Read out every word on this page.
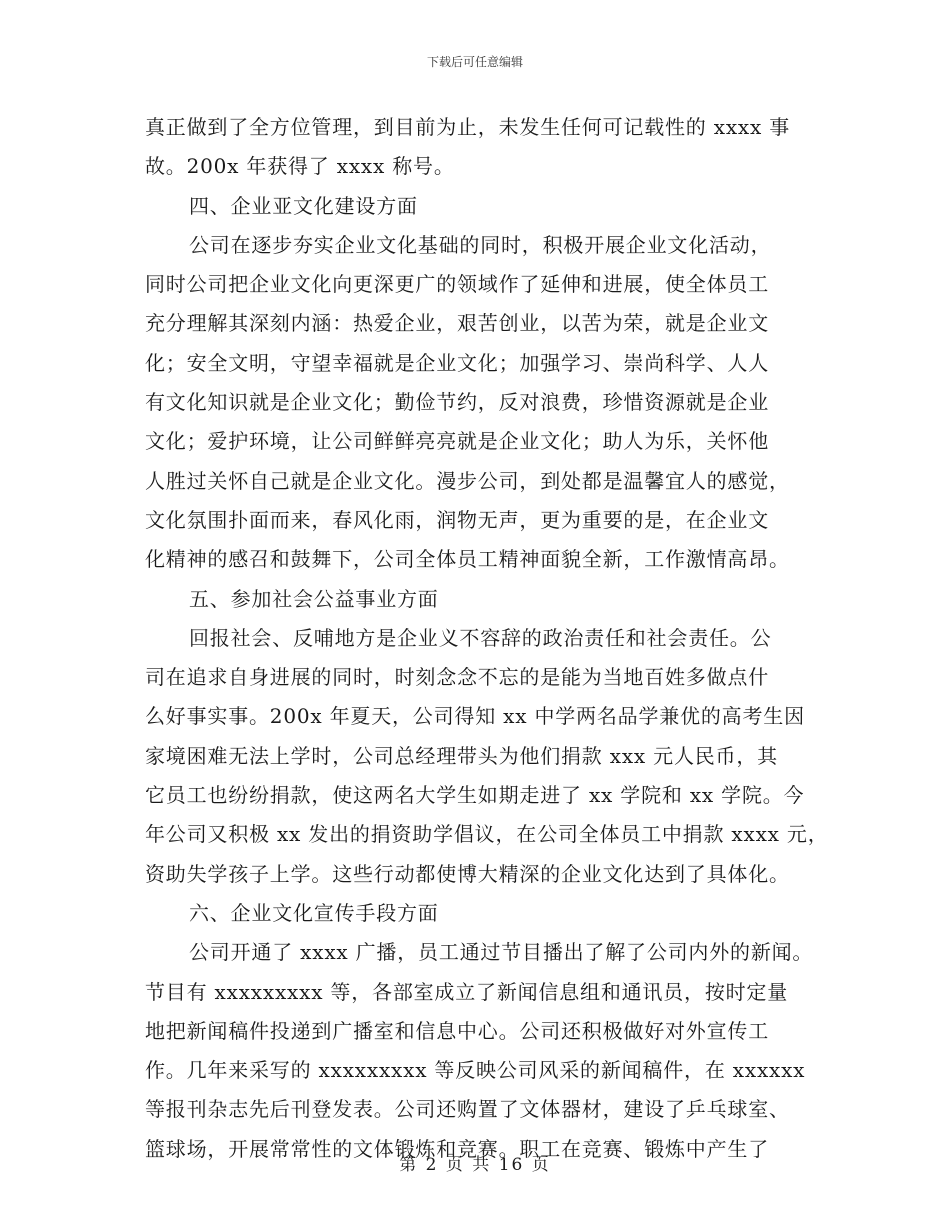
下载后可任意编辑
真正做到了全方位管理，到目前为止，未发生任何可记载性的 xxxx 事
故。200x 年获得了 xxxx 称号。
四、企业亚文化建设方面
公司在逐步夯实企业文化基础的同时，积极开展企业文化活动，
同时公司把企业文化向更深更广的领域作了延伸和进展，使全体员工
充分理解其深刻内涵：热爱企业，艰苦创业，以苦为荣，就是企业文
化；安全文明，守望幸福就是企业文化；加强学习、崇尚科学、人人
有文化知识就是企业文化；勤俭节约，反对浪费，珍惜资源就是企业
文化；爱护环境，让公司鲜鲜亮亮就是企业文化；助人为乐，关怀他
人胜过关怀自己就是企业文化。漫步公司，到处都是温馨宜人的感觉，
文化氛围扑面而来，春风化雨，润物无声，更为重要的是，在企业文
化精神的感召和鼓舞下，公司全体员工精神面貌全新，工作激情高昂。
五、参加社会公益事业方面
回报社会、反哺地方是企业义不容辞的政治责任和社会责任。公
司在追求自身进展的同时，时刻念念不忘的是能为当地百姓多做点什
么好事实事。200x 年夏天，公司得知 xx 中学两名品学兼优的高考生因
家境困难无法上学时，公司总经理带头为他们捐款 xxx 元人民币，其
它员工也纷纷捐款，使这两名大学生如期走进了 xx 学院和 xx 学院。今
年公司又积极 xx 发出的捐资助学倡议，在公司全体员工中捐款 xxxx 元，
资助失学孩子上学。这些行动都使博大精深的企业文化达到了具体化。
六、企业文化宣传手段方面
公司开通了 xxxx 广播，员工通过节目播出了解了公司内外的新闻。
节目有 xxxxxxxxx 等，各部室成立了新闻信息组和通讯员，按时定量
地把新闻稿件投递到广播室和信息中心。公司还积极做好对外宣传工
作。几年来采写的 xxxxxxxxx 等反映公司风采的新闻稿件，在 xxxxxx
等报刊杂志先后刊登发表。公司还购置了文体器材，建设了乒乓球室、
篮球场，开展常常性的文体锻炼和竞赛。职工在竞赛、锻炼中产生了
第 2 页 共 16 页
